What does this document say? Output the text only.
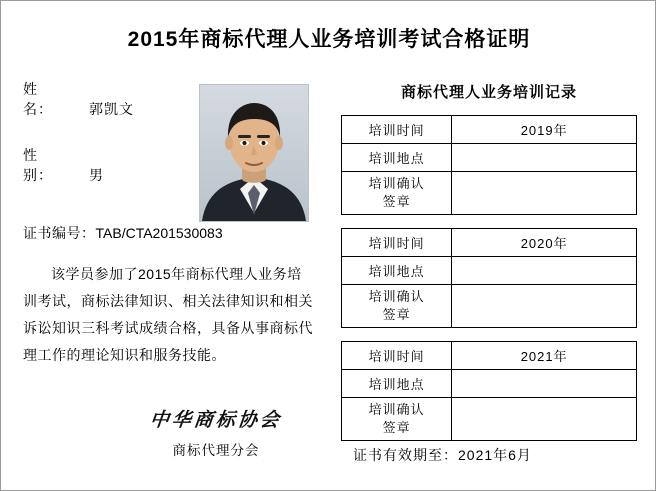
2015年商标代理人业务培训考试合格证明
姓　　名：	郭凯文
性　　别：	男
证书编号：TAB/CTA201530083
该学员参加了2015年商标代理人业务培训考试，商标法律知识、相关法律知识和相关诉讼知识三科考试成绩合格，具备从事商标代理工作的理论知识和服务技能。
中华商标协会
商标代理分会
商标代理人业务培训记录
培训时间	2019年
培训地点	
培训确认
签章	
培训时间	2020年
培训地点	
培训确认
签章	
培训时间	2021年
培训地点	
培训确认
签章	
证书有效期至：2021年6月
